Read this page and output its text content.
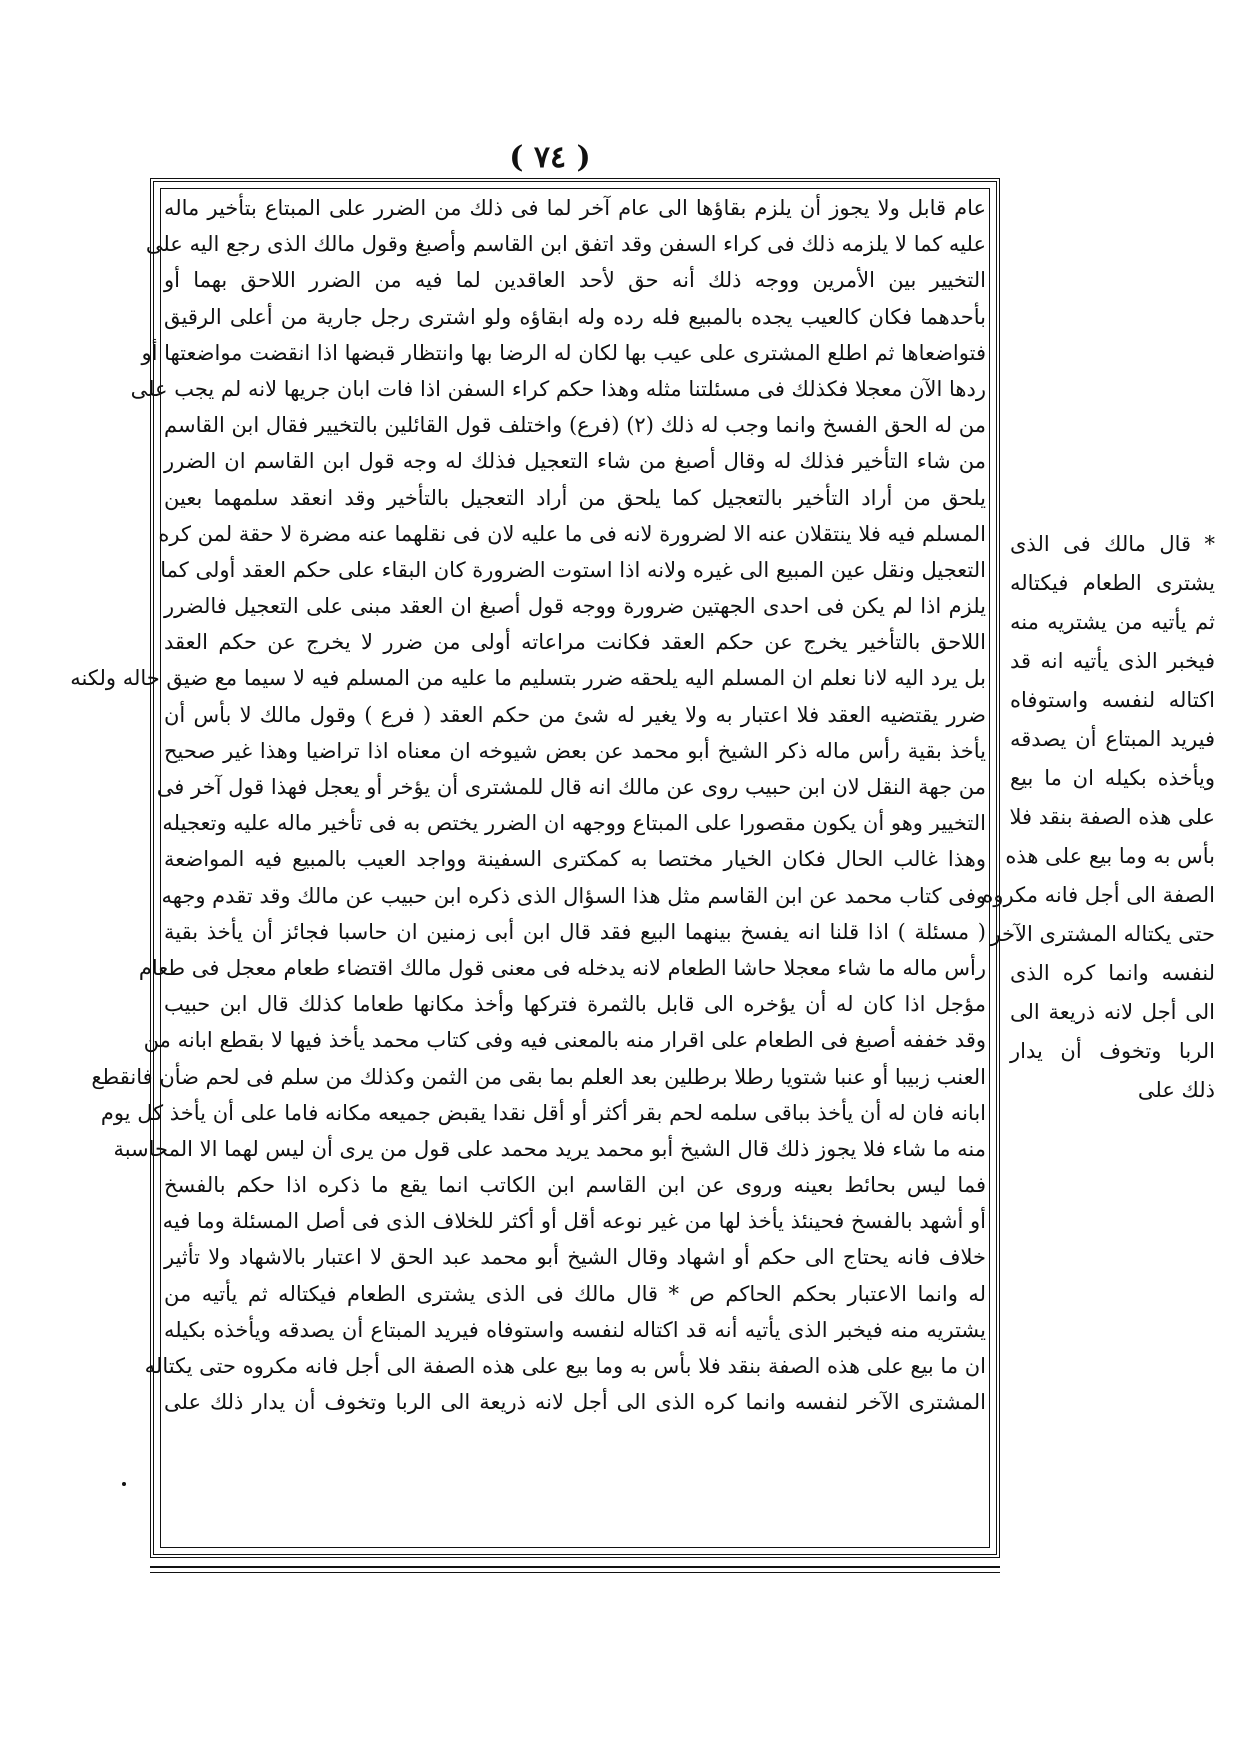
( ٧٤ )
عام قابل ولا يجوز أن يلزم بقاؤها الى عام آخر لما فى ذلك من الضرر على المبتاع بتأخير ماله
عليه كما لا يلزمه ذلك فى كراء السفن وقد اتفق ابن القاسم وأصبغ وقول مالك الذى رجع اليه على
التخيير بين الأمرين ووجه ذلك أنه حق لأحد العاقدين لما فيه من الضرر اللاحق بهما أو
بأحدهما فكان كالعيب يجده بالمبيع فله رده وله ابقاؤه ولو اشترى رجل جارية من أعلى الرقيق
فتواضعاها ثم اطلع المشترى على عيب بها لكان له الرضا بها وانتظار قبضها اذا انقضت مواضعتها أو
ردها الآن معجلا فكذلك فى مسئلتنا مثله وهذا حكم كراء السفن اذا فات ابان جريها لانه لم يجب على
من له الحق الفسخ وانما وجب له ذلك (٢) (فرع) واختلف قول القائلين بالتخيير فقال ابن القاسم
من شاء التأخير فذلك له وقال أصبغ من شاء التعجيل فذلك له وجه قول ابن القاسم ان الضرر
يلحق من أراد التأخير بالتعجيل كما يلحق من أراد التعجيل بالتأخير وقد انعقد سلمهما بعين
المسلم فيه فلا ينتقلان عنه الا لضرورة لانه فى ما عليه لان فى نقلهما عنه مضرة لا حقة لمن كره
التعجيل ونقل عين المبيع الى غيره ولانه اذا استوت الضرورة كان البقاء على حكم العقد أولى كما
يلزم اذا لم يكن فى احدى الجهتين ضرورة ووجه قول أصبغ ان العقد مبنى على التعجيل فالضرر
اللاحق بالتأخير يخرج عن حكم العقد فكانت مراعاته أولى من ضرر لا يخرج عن حكم العقد
بل يرد اليه لانا نعلم ان المسلم اليه يلحقه ضرر بتسليم ما عليه من المسلم فيه لا سيما مع ضيق حاله ولكنه
ضرر يقتضيه العقد فلا اعتبار به ولا يغير له شئ من حكم العقد ( فرع ) وقول مالك لا بأس أن
يأخذ بقية رأس ماله ذكر الشيخ أبو محمد عن بعض شيوخه ان معناه اذا تراضيا وهذا غير صحيح
من جهة النقل لان ابن حبيب روى عن مالك انه قال للمشترى أن يؤخر أو يعجل فهذا قول آخر فى
التخيير وهو أن يكون مقصورا على المبتاع ووجهه ان الضرر يختص به فى تأخير ماله عليه وتعجيله
وهذا غالب الحال فكان الخيار مختصا به كمكترى السفينة وواجد العيب بالمبيع فيه المواضعة
وفى كتاب محمد عن ابن القاسم مثل هذا السؤال الذى ذكره ابن حبيب عن مالك وقد تقدم وجهه
( مسئلة ) اذا قلنا انه يفسخ بينهما البيع فقد قال ابن أبى زمنين ان حاسبا فجائز أن يأخذ بقية
رأس ماله ما شاء معجلا حاشا الطعام لانه يدخله فى معنى قول مالك اقتضاء طعام معجل فى طعام
مؤجل اذا كان له أن يؤخره الى قابل بالثمرة فتركها وأخذ مكانها طعاما كذلك قال ابن حبيب
وقد خففه أصبغ فى الطعام على اقرار منه بالمعنى فيه وفى كتاب محمد يأخذ فيها لا بقطع ابانه من
العنب زبيبا أو عنبا شتويا رطلا برطلين بعد العلم بما بقى من الثمن وكذلك من سلم فى لحم ضأن فانقطع
ابانه فان له أن يأخذ بباقى سلمه لحم بقر أكثر أو أقل نقدا يقبض جميعه مكانه فاما على أن يأخذ كل يوم
منه ما شاء فلا يجوز ذلك قال الشيخ أبو محمد يريد محمد على قول من يرى أن ليس لهما الا المحاسبة
فما ليس بحائط بعينه وروى عن ابن القاسم ابن الكاتب انما يقع ما ذكره اذا حكم بالفسخ
أو أشهد بالفسخ فحينئذ يأخذ لها من غير نوعه أقل أو أكثر للخلاف الذى فى أصل المسئلة وما فيه
خلاف فانه يحتاج الى حكم أو اشهاد وقال الشيخ أبو محمد عبد الحق لا اعتبار بالاشهاد ولا تأثير
له وانما الاعتبار بحكم الحاكم ص * قال مالك فى الذى يشترى الطعام فيكتاله ثم يأتيه من
يشتريه منه فيخبر الذى يأتيه أنه قد اكتاله لنفسه واستوفاه فيريد المبتاع أن يصدقه ويأخذه بكيله
ان ما بيع على هذه الصفة بنقد فلا بأس به وما بيع على هذه الصفة الى أجل فانه مكروه حتى يكتاله
المشترى الآخر لنفسه وانما كره الذى الى أجل لانه ذريعة الى الربا وتخوف أن يدار ذلك على
* قال مالك فى الذى
يشترى الطعام فيكتاله
ثم يأتيه من يشتريه منه
فيخبر الذى يأتيه انه قد
اكتاله لنفسه واستوفاه
فيريد المبتاع أن يصدقه
ويأخذه بكيله ان ما بيع
على هذه الصفة بنقد فلا
بأس به وما بيع على هذه
الصفة الى أجل فانه مكروه
حتى يكتاله المشترى الآخر
لنفسه وانما كره الذى
الى أجل لانه ذريعة الى
الربا وتخوف أن يدار
ذلك على
